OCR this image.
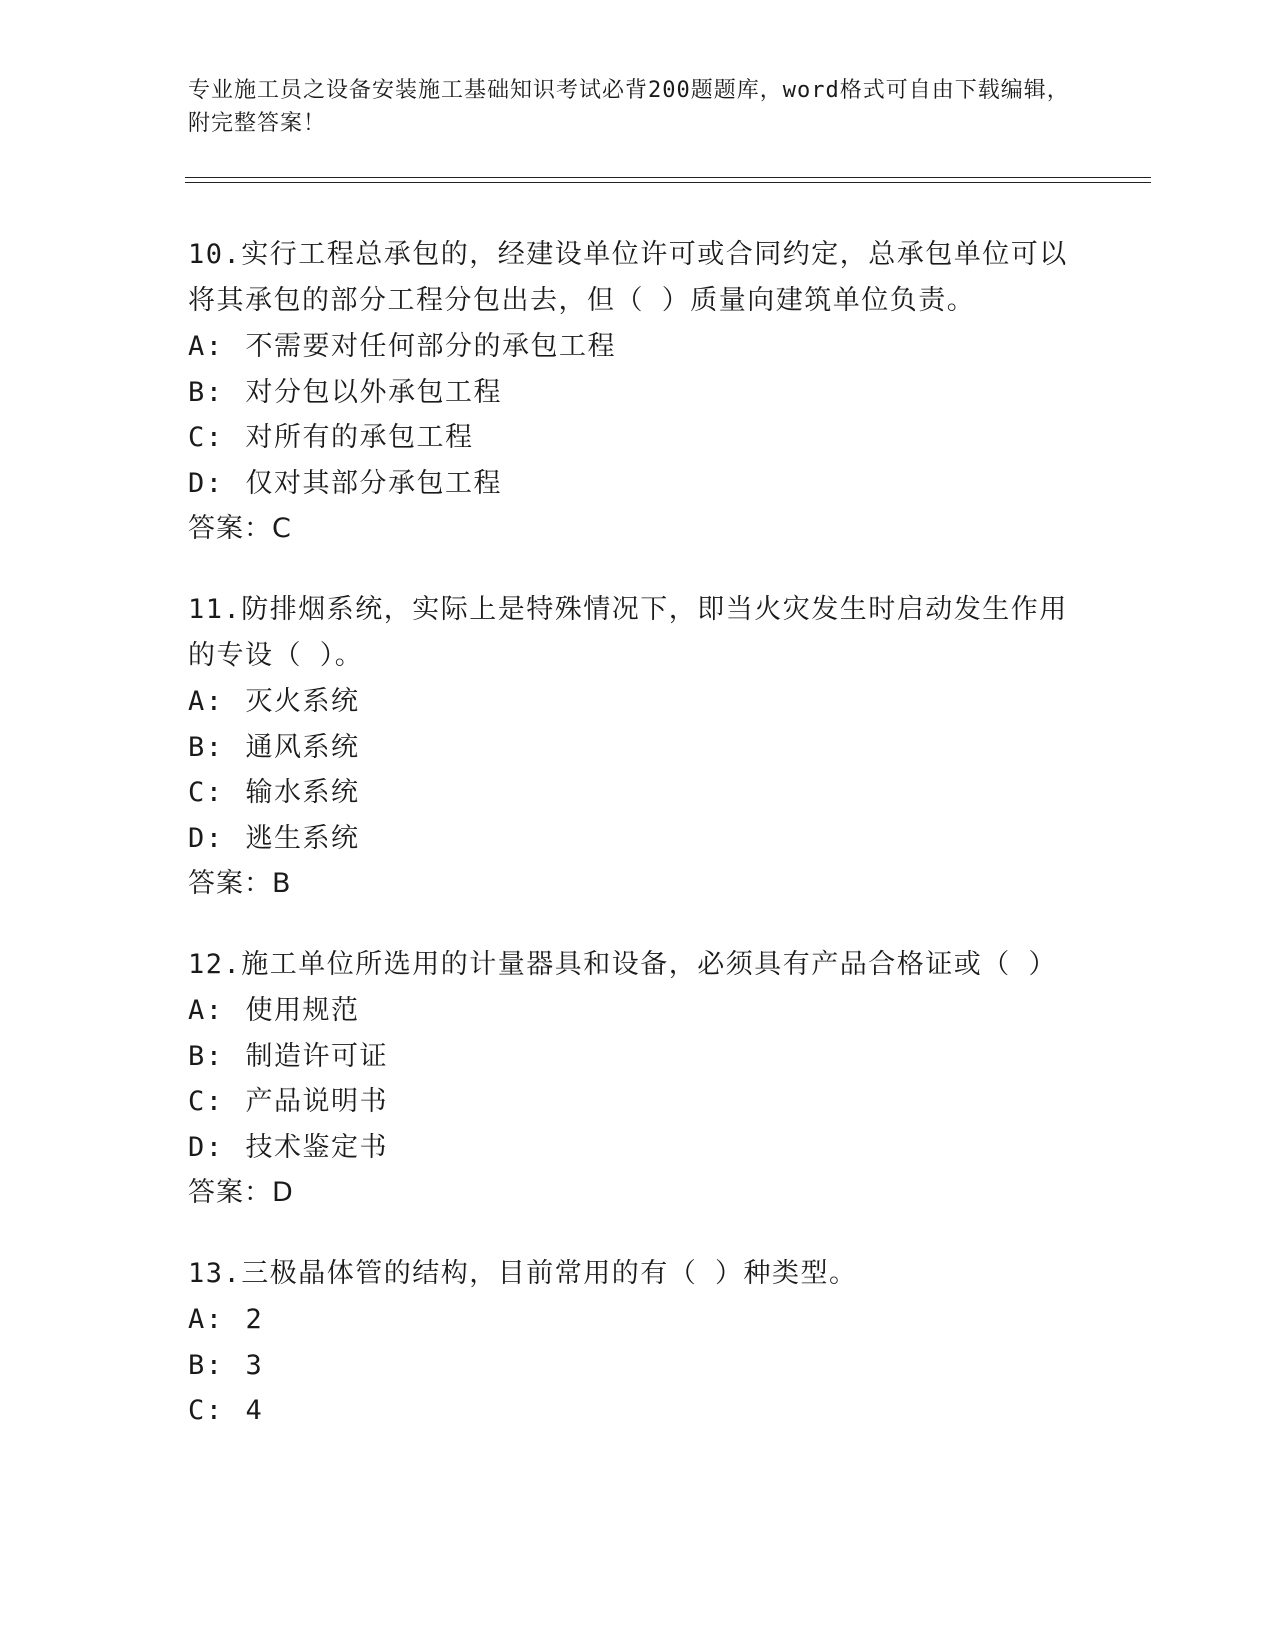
专业施工员之设备安装施工基础知识考试必背200题题库，word格式可自由下载编辑，附完整答案！
10.实行工程总承包的，经建设单位许可或合同约定，总承包单位可以将其承包的部分工程分包出去，但（ ）质量向建筑单位负责。
A: 不需要对任何部分的承包工程
B: 对分包以外承包工程
C: 对所有的承包工程
D: 仅对其部分承包工程
答案：C
11.防排烟系统，实际上是特殊情况下，即当火灾发生时启动发生作用的专设（ ）。
A: 灭火系统
B: 通风系统
C: 输水系统
D: 逃生系统
答案：B
12.施工单位所选用的计量器具和设备，必须具有产品合格证或（ ）
A: 使用规范
B: 制造许可证
C: 产品说明书
D: 技术鉴定书
答案：D
13.三极晶体管的结构，目前常用的有（ ）种类型。
A: 2
B: 3
C: 4
